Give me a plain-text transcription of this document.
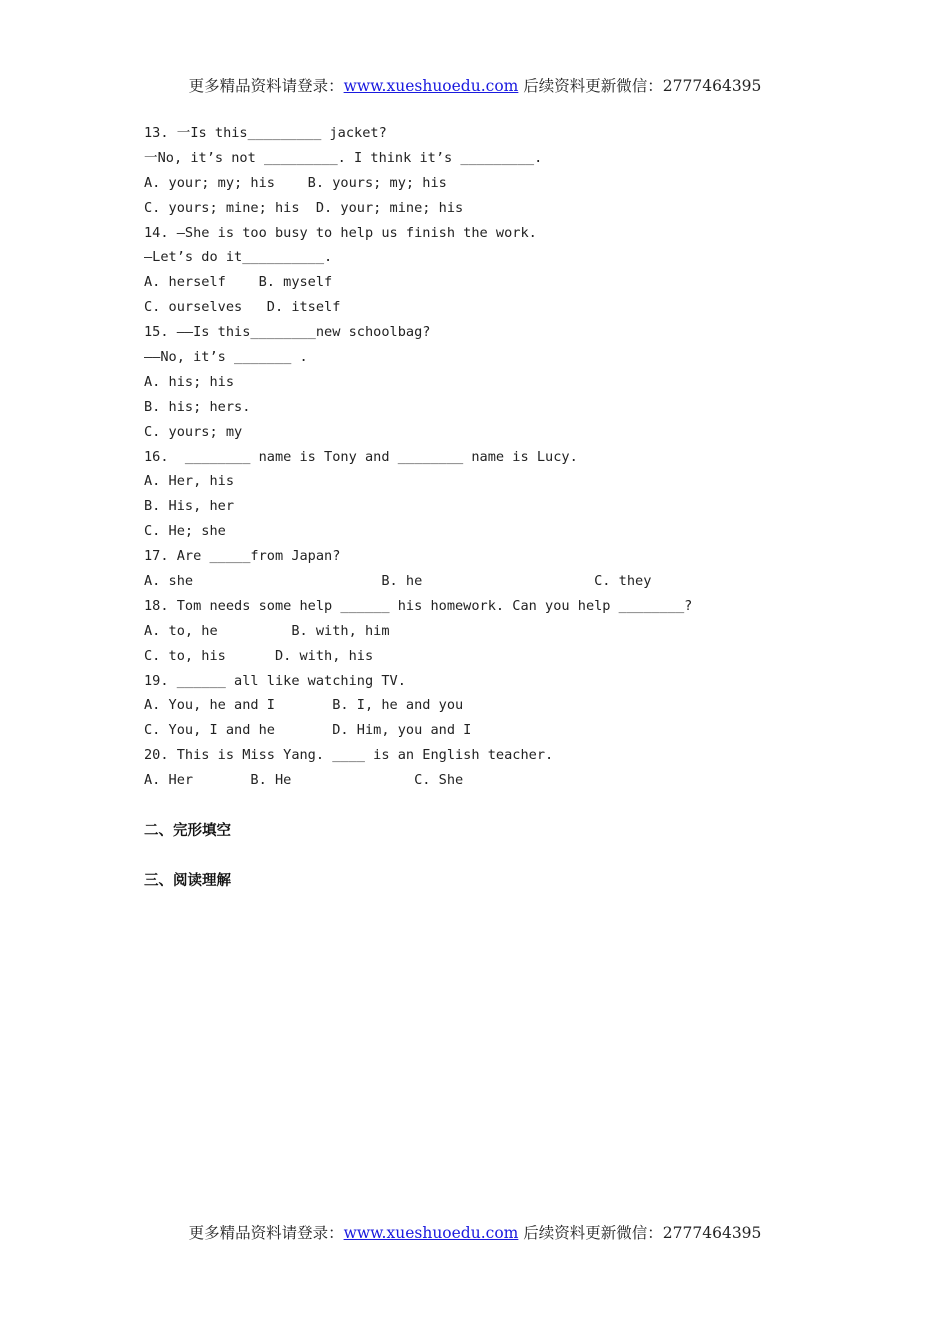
更多精品资料请登录：www.xueshuoedu.com 后续资料更新微信：2777464395
13. 一Is this_________ jacket?
一No, it’s not _________. I think it’s _________.
A. your; my; his    B. yours; my; his
C. yours; mine; his  D. your; mine; his
14. —She is too busy to help us finish the work.
—Let’s do it__________.
A. herself    B. myself
C. ourselves   D. itself
15. ——Is this________new schoolbag?
——No, it’s _______ .
A. his; his
B. his; hers.
C. yours; my
16.  ________ name is Tony and ________ name is Lucy.
A. Her, his
B. His, her
C. He; she
17. Are _____from Japan?
A. she                       B. he                     C. they
18. Tom needs some help ______ his homework. Can you help ________?
A. to, he         B. with, him
C. to, his      D. with, his
19. ______ all like watching TV.
A. You, he and I       B. I, he and you
C. You, I and he       D. Him, you and I
20. This is Miss Yang. ____ is an English teacher.
A. Her       B. He               C. She
二、完形填空
三、阅读理解
更多精品资料请登录：www.xueshuoedu.com 后续资料更新微信：2777464395
